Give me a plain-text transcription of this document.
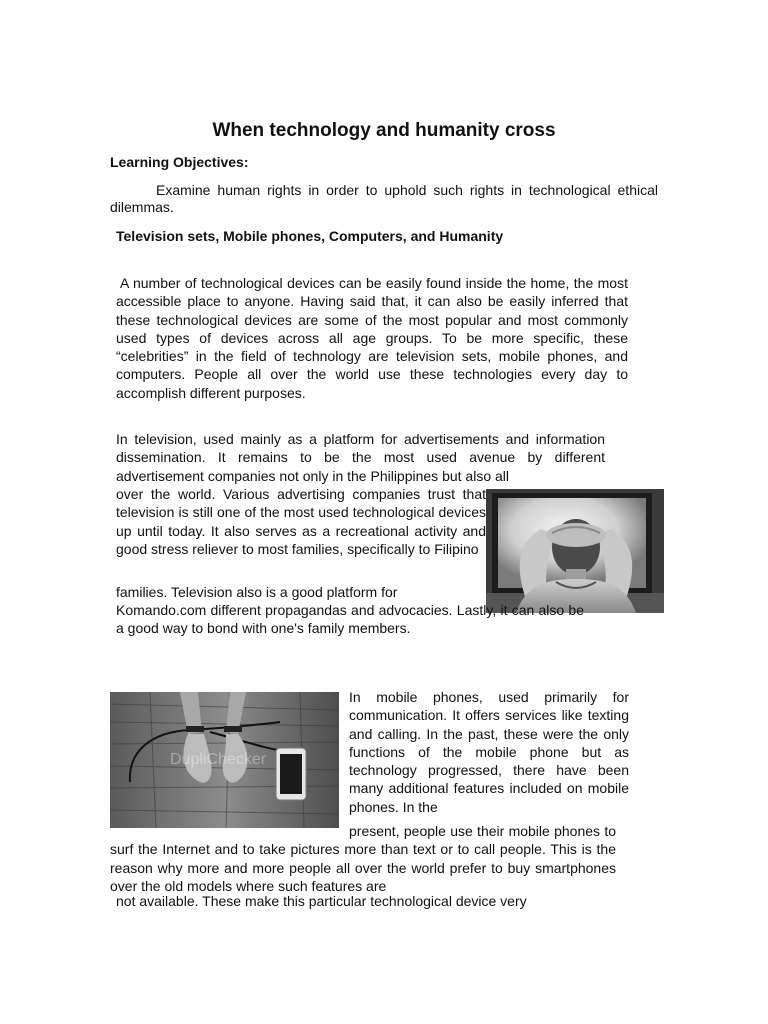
When technology and humanity cross
Learning Objectives:
Examine human rights in order to uphold such rights in technological ethical dilemmas.
Television sets, Mobile phones, Computers, and Humanity
A number of technological devices can be easily found inside the home, the most accessible place to anyone. Having said that, it can also be easily inferred that these technological devices are some of the most popular and most commonly used types of devices across all age groups. To be more specific, these “celebrities” in the field of technology are television sets, mobile phones, and computers. People all over the world use these technologies every day to accomplish different purposes.
In television, used mainly as a platform for advertisements and information dissemination. It remains to be the most used avenue by different advertisement companies not only in the Philippines but also all
over the world. Various advertising companies trust that television is still one of the most used technological devices up until today. It also serves as a recreational activity and good stress reliever to most families, specifically to Filipino
families. Television also is a good platform for
Komando.com different propagandas and advocacies. Lastly, it can also be a good way to bond with one's family members.
DupliChecker
In mobile phones, used primarily for communication. It offers services like texting and calling. In the past, these were the only functions of the mobile phone but as technology progressed, there have been many additional features included on mobile phones. In the
present, people use their mobile phones to surf the Internet and to take pictures more than text or to call people. This is the reason why more and more people all over the world prefer to buy smartphones over the old models where such features are
not available. These make this particular technological device very
